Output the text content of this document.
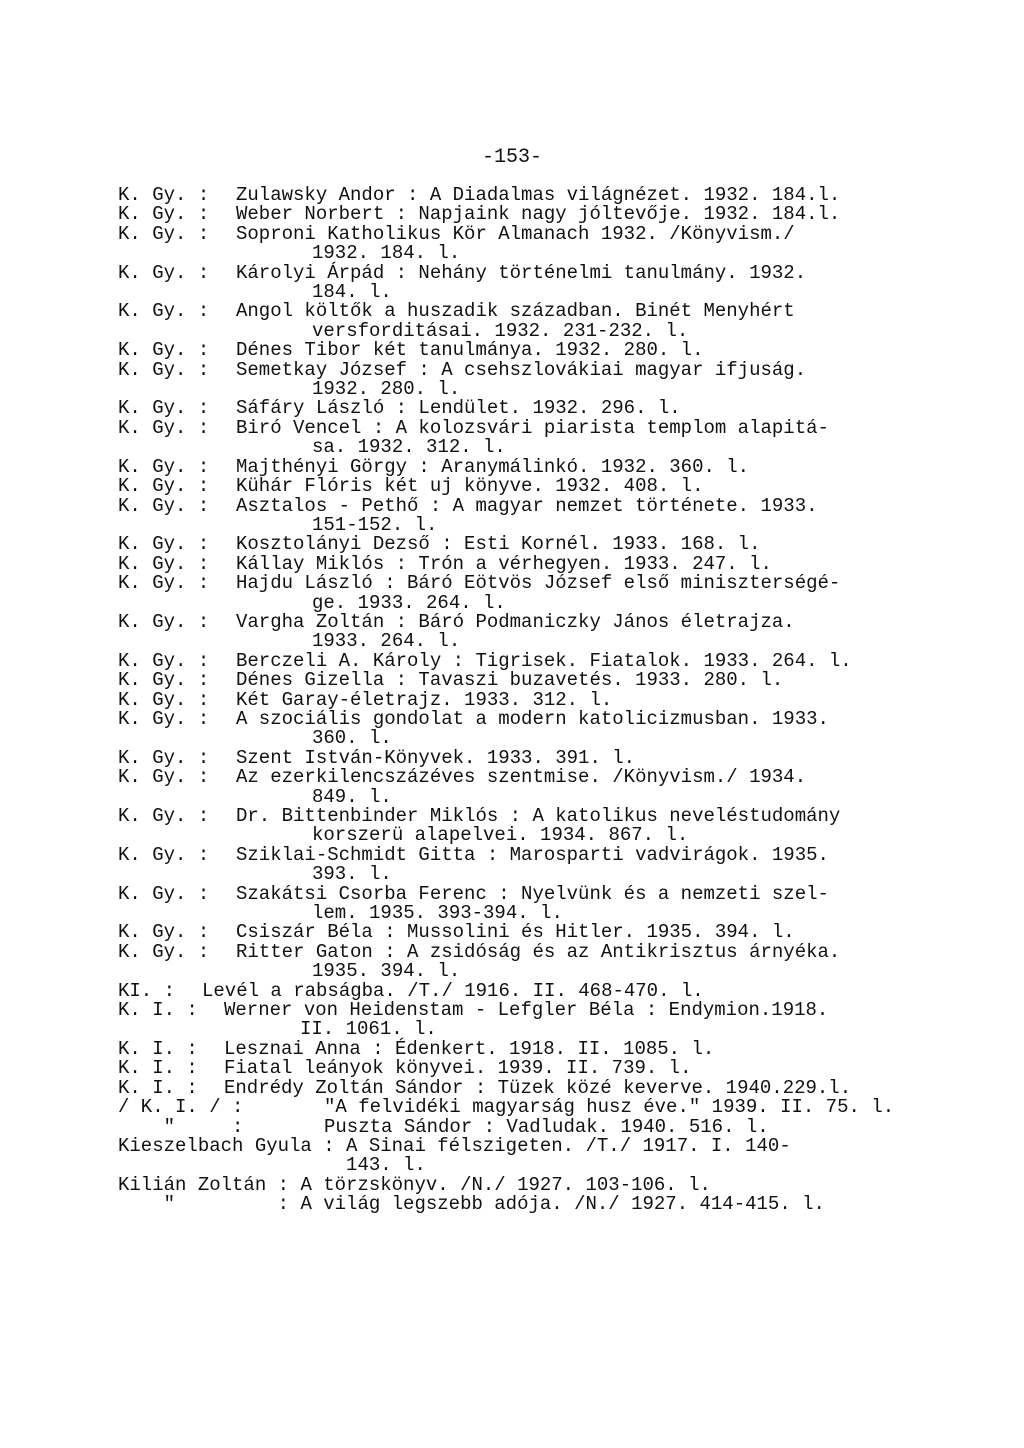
-153-
K. Gy. : Zulawsky Andor : A Diadalmas világnézet. 1932. 184.l.
K. Gy. : Weber Norbert : Napjaink nagy jóltevője. 1932. 184.l.
K. Gy. : Soproni Katholikus Kör Almanach 1932. /Könyvism./
1932. 184. l.
K. Gy. : Károlyi Árpád : Nehány történelmi tanulmány. 1932.
184. l.
K. Gy. : Angol költők a huszadik században. Binét Menyhért
versforditásai. 1932. 231-232. l.
K. Gy. : Dénes Tibor két tanulmánya. 1932. 280. l.
K. Gy. : Semetkay József : A csehszlovákiai magyar ifjuság.
1932. 280. l.
K. Gy. : Sáfáry László : Lendület. 1932. 296. l.
K. Gy. : Biró Vencel : A kolozsvári piarista templom alapitá-
sa. 1932. 312. l.
K. Gy. : Majthényi Görgy : Aranymálinkó. 1932. 360. l.
K. Gy. : Kühár Flóris két uj könyve. 1932. 408. l.
K. Gy. : Asztalos - Pethő : A magyar nemzet története. 1933.
151-152. l.
K. Gy. : Kosztolányi Dezső : Esti Kornél. 1933. 168. l.
K. Gy. : Kállay Miklós : Trón a vérhegyen. 1933. 247. l.
K. Gy. : Hajdu László : Báró Eötvös József első miniszterségé-
ge. 1933. 264. l.
K. Gy. : Vargha Zoltán : Báró Podmaniczky János életrajza.
1933. 264. l.
K. Gy. : Berczeli A. Károly : Tigrisek. Fiatalok. 1933. 264. l.
K. Gy. : Dénes Gizella : Tavaszi buzavetés. 1933. 280. l.
K. Gy. : Két Garay-életrajz. 1933. 312. l.
K. Gy. : A szociális gondolat a modern katolicizmusban. 1933.
360. l.
K. Gy. : Szent István-Könyvek. 1933. 391. l.
K. Gy. : Az ezerkilencszázéves szentmise. /Könyvism./ 1934.
849. l.
K. Gy. : Dr. Bittenbinder Miklós : A katolikus neveléstudomány
korszerü alapelvei. 1934. 867. l.
K. Gy. : Sziklai-Schmidt Gitta : Marosparti vadvirágok. 1935.
393. l.
K. Gy. : Szakátsi Csorba Ferenc : Nyelvünk és a nemzeti szel-
lem. 1935. 393-394. l.
K. Gy. : Csiszár Béla : Mussolini és Hitler. 1935. 394. l.
K. Gy. : Ritter Gaton : A zsidóság és az Antikrisztus árnyéka.
1935. 394. l.
KI. : Levél a rabságba. /T./ 1916. II. 468-470. l.
K. I. : Werner von Heidenstam - Lefgler Béla : Endymion.1918.
II. 1061. l.
K. I. : Lesznai Anna : Édenkert. 1918. II. 1085. l.
K. I. : Fiatal leányok könyvei. 1939. II. 739. l.
K. I. : Endrédy Zoltán Sándor : Tüzek közé keverve. 1940.229.l.
/ K. I. / :	"A felvidéki magyarság husz éve." 1939. II. 75. l.
"     :	Puszta Sándor : Vadludak. 1940. 516. l.
Kieszelbach Gyula : A Sinai félszigeten. /T./ 1917. I. 140-
143. l.
Kilián Zoltán : A törzskönyv. /N./ 1927. 103-106. l.
"         : A világ legszebb adója. /N./ 1927. 414-415. l.
